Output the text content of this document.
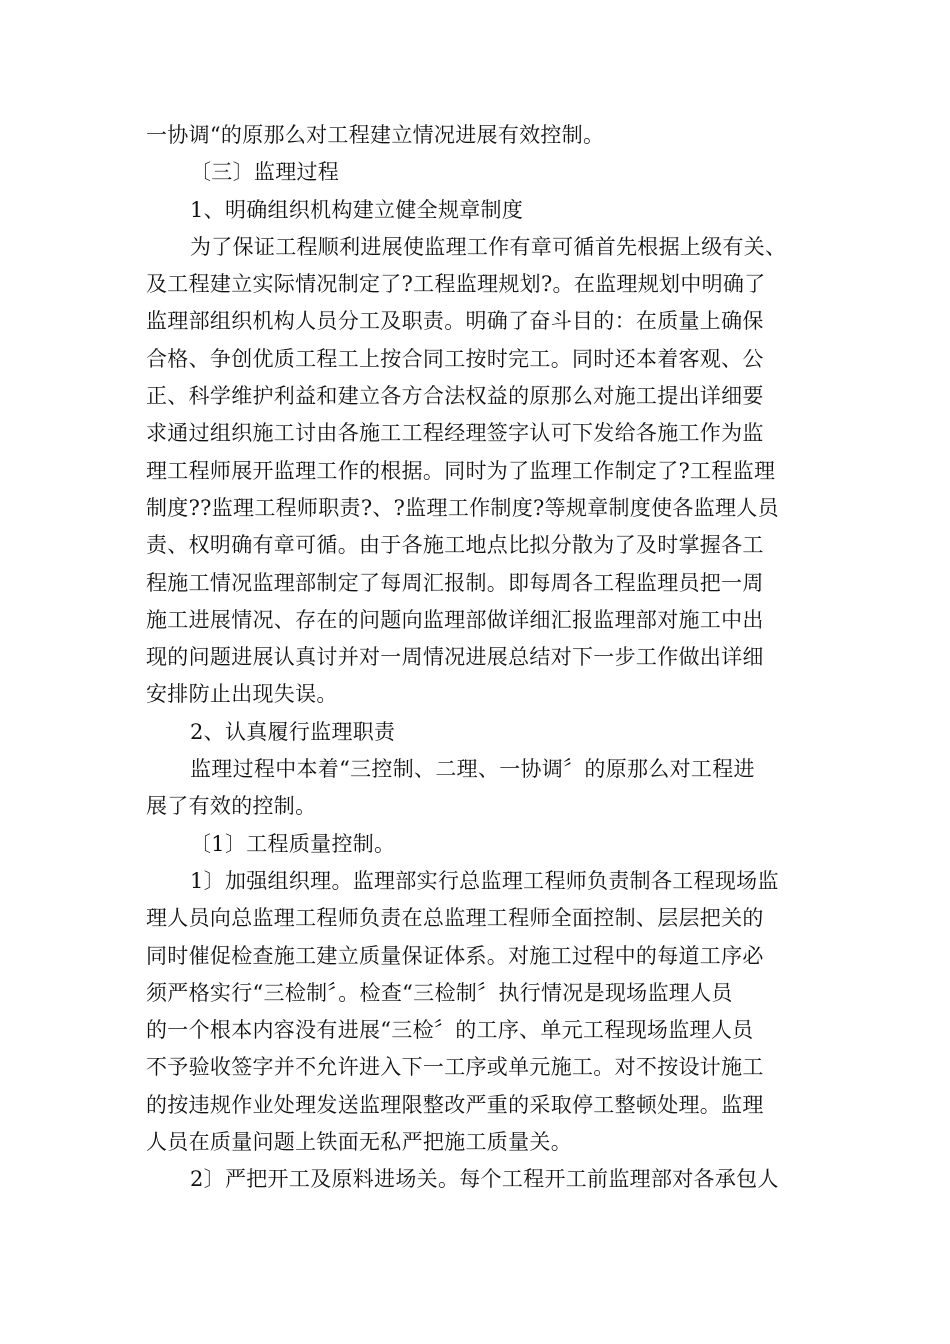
一协调“的原那么对工程建立情况进展有效控制。
〔三〕监理过程
1、明确组织机构建立健全规章制度
为了保证工程顺利进展使监理工作有章可循首先根据上级有关、
及工程建立实际情况制定了?工程监理规划?。在监理规划中明确了
监理部组织机构人员分工及职责。明确了奋斗目的：在质量上确保
合格、争创优质工程工上按合同工按时完工。同时还本着客观、公
正、科学维护利益和建立各方合法权益的原那么对施工提出详细要
求通过组织施工讨由各施工工程经理签字认可下发给各施工作为监
理工程师展开监理工作的根据。同时为了监理工作制定了?工程监理
制度??监理工程师职责?、?监理工作制度?等规章制度使各监理人员
责、权明确有章可循。由于各施工地点比拟分散为了及时掌握各工
程施工情况监理部制定了每周汇报制。即每周各工程监理员把一周
施工进展情况、存在的问题向监理部做详细汇报监理部对施工中出
现的问题进展认真讨并对一周情况进展总结对下一步工作做出详细
安排防止出现失误。
2、认真履行监理职责
监理过程中本着“三控制、二理、一协调〞的原那么对工程进
展了有效的控制。
〔1〕工程质量控制。
1〕加强组织理。监理部实行总监理工程师负责制各工程现场监
理人员向总监理工程师负责在总监理工程师全面控制、层层把关的
同时催促检查施工建立质量保证体系。对施工过程中的每道工序必
须严格实行“三检制〞。检查“三检制〞执行情况是现场监理人员
的一个根本内容没有进展“三检〞的工序、单元工程现场监理人员
不予验收签字并不允许进入下一工序或单元施工。对不按设计施工
的按违规作业处理发送监理限整改严重的采取停工整顿处理。监理
人员在质量问题上铁面无私严把施工质量关。
2〕严把开工及原料进场关。每个工程开工前监理部对各承包人
